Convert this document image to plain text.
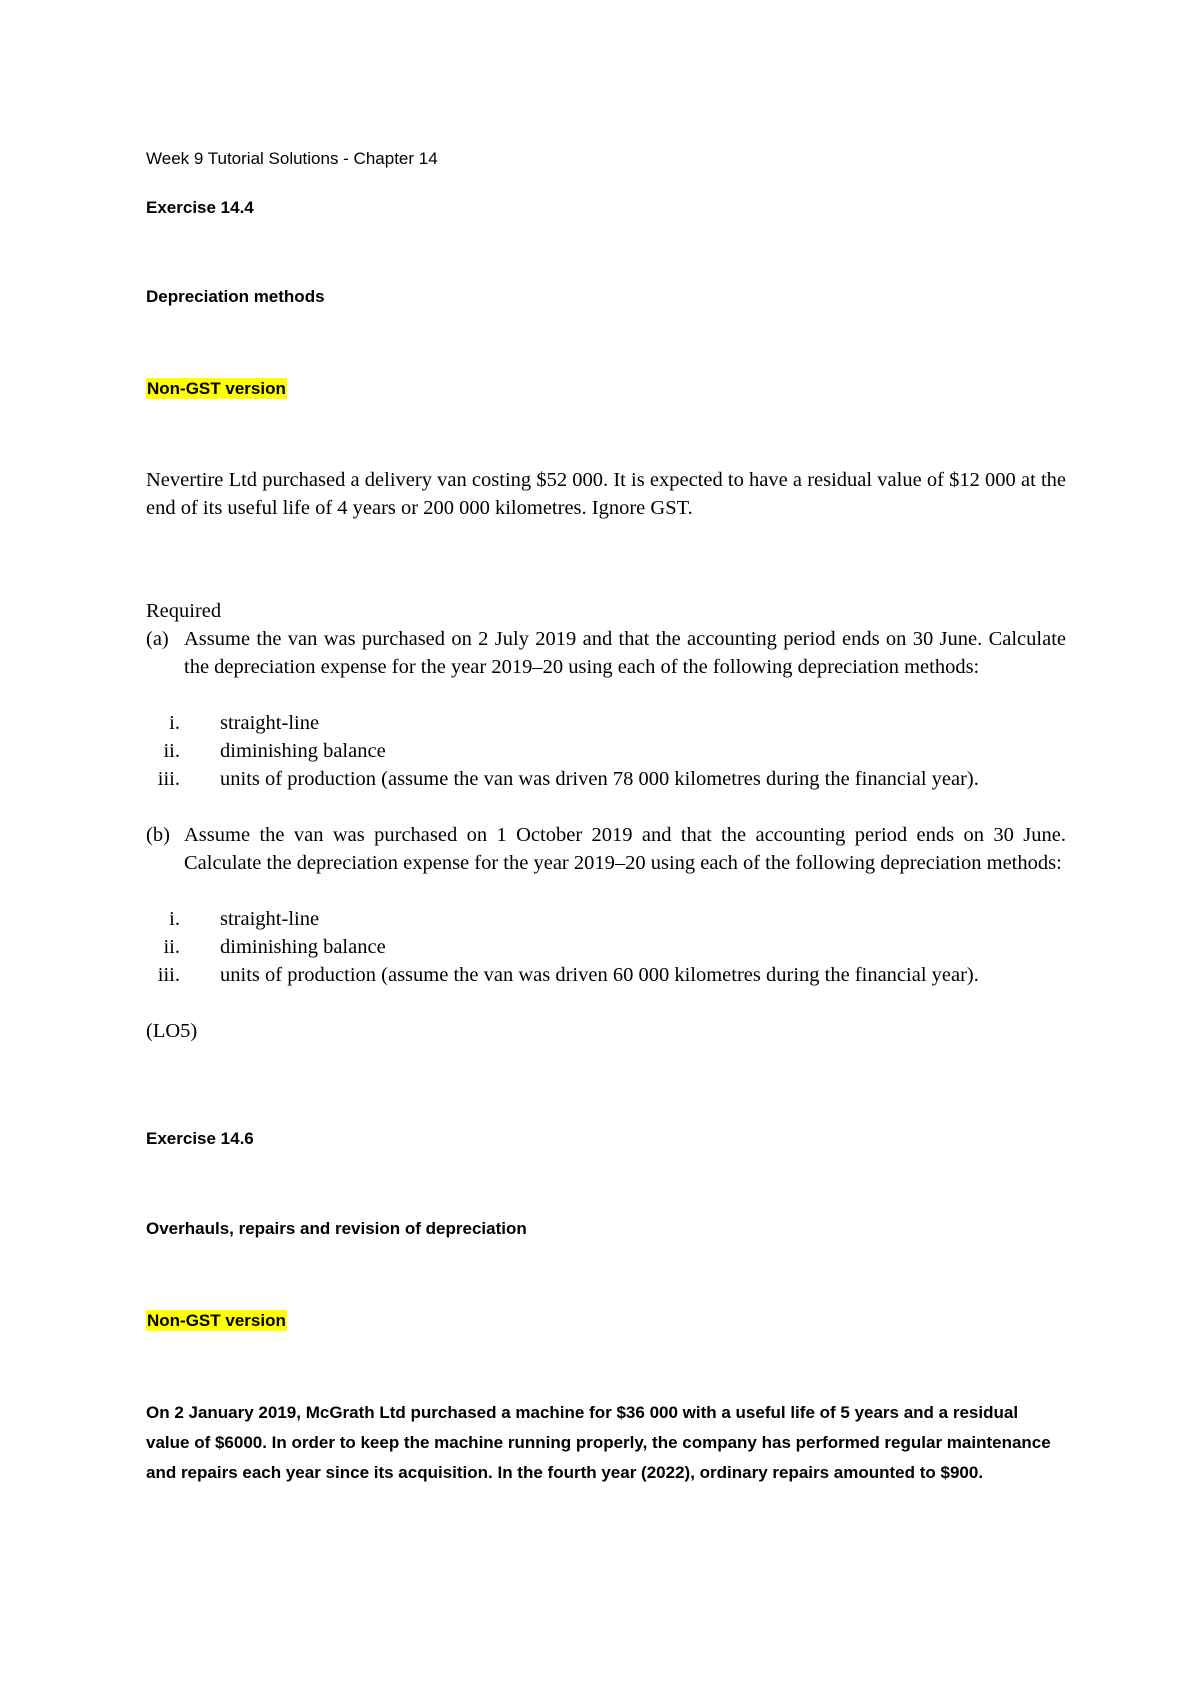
Week 9 Tutorial Solutions - Chapter 14

Exercise 14.4

Depreciation methods

Non-GST version

Nevertire Ltd purchased a delivery van costing $52 000. It is expected to have a residual value of $12 000 at the end of its useful life of 4 years or 200 000 kilometres. Ignore GST.

Required

(a) Assume the van was purchased on 2 July 2019 and that the accounting period ends on 30 June. Calculate the depreciation expense for the year 2019–20 using each of the following depreciation methods:
i. straight-line
ii. diminishing balance
iii. units of production (assume the van was driven 78 000 kilometres during the financial year).
(b) Assume the van was purchased on 1 October 2019 and that the accounting period ends on 30 June. Calculate the depreciation expense for the year 2019–20 using each of the following depreciation methods:
i. straight-line
ii. diminishing balance
iii. units of production (assume the van was driven 60 000 kilometres during the financial year).

(LO5)

Exercise 14.6

Overhauls, repairs and revision of depreciation

Non-GST version

On 2 January 2019, McGrath Ltd purchased a machine for $36 000 with a useful life of 5 years and a residual value of $6000. In order to keep the machine running properly, the company has performed regular maintenance and repairs each year since its acquisition. In the fourth year (2022), ordinary repairs amounted to $900.
